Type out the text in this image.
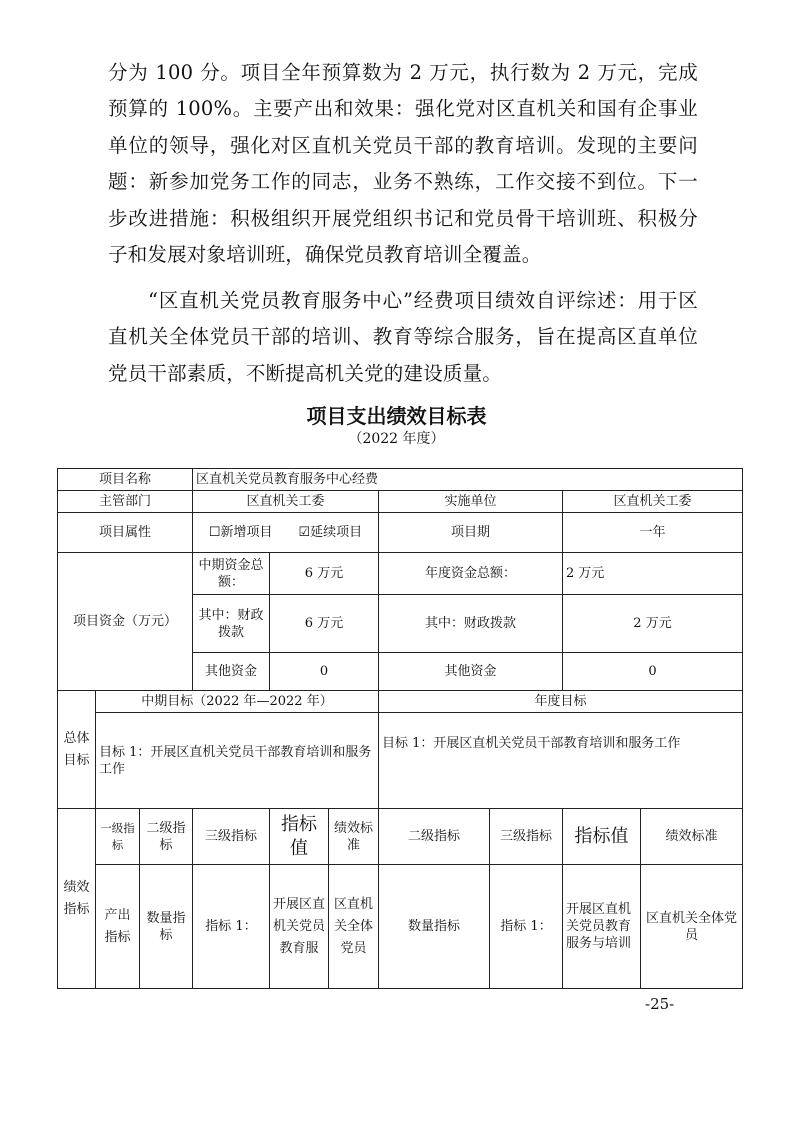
分为 100 分。项目全年预算数为 2 万元，执行数为 2 万元，完成预算的 100%。主要产出和效果：强化党对区直机关和国有企事业单位的领导，强化对区直机关党员干部的教育培训。发现的主要问题：新参加党务工作的同志，业务不熟练，工作交接不到位。下一步改进措施：积极组织开展党组织书记和党员骨干培训班、积极分子和发展对象培训班，确保党员教育培训全覆盖。

“区直机关党员教育服务中心”经费项目绩效自评综述：用于区直机关全体党员干部的培训、教育等综合服务，旨在提高区直单位党员干部素质，不断提高机关党的建设质量。

项目支出绩效目标表
（2022 年度）
项目名称			区直机关党员教育服务中心经费						
主管部门			区直机关工委			实施单位		区直机关工委	
项目属性			☐新增项目　　☑延续项目			项目期		一年	
项目资金（万元）			中期资金总额：	6 万元		年度资金总额：		2 万元	
			其中：财政拨款	6 万元		其中：财政拨款		2 万元	
			其他资金	0		其他资金		0	
总体目标	中期目标（2022 年—2022 年）					年度目标			
	目标 1：开展区直机关党员干部教育培训和服务工作					目标 1：开展区直机关党员干部教育培训和服务工作			
绩效指标	一级指标	二级指标	三级指标	指标值	绩效标准	二级指标	三级指标	指标值	绩效标准
	产出指标	数量指标	指标 1：	开展区直机关党员教育服	区直机关全体党员	数量指标	指标 1：	开展区直机关党员教育服务与培训	区直机关全体党员
-25-
